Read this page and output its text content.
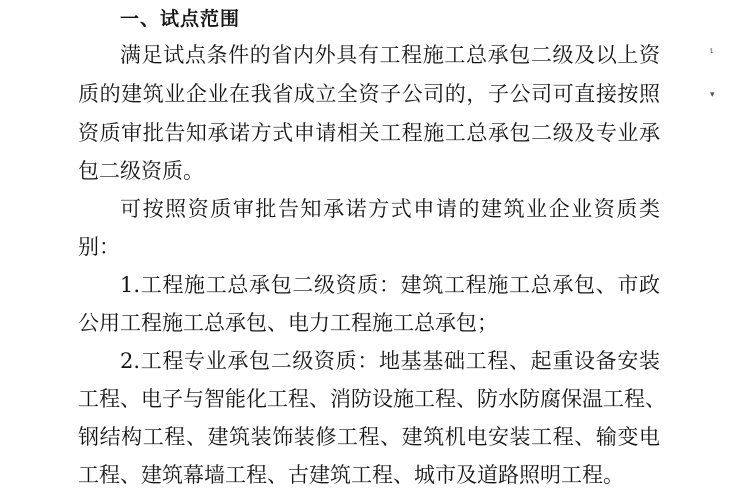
一、试点范围
满足试点条件的省内外具有工程施工总承包二级及以上资
质的建筑业企业在我省成立全资子公司的，子公司可直接按照
资质审批告知承诺方式申请相关工程施工总承包二级及专业承
包二级资质。
可按照资质审批告知承诺方式申请的建筑业企业资质类
别：
1.工程施工总承包二级资质：建筑工程施工总承包、市政
公用工程施工总承包、电力工程施工总承包；
2.工程专业承包二级资质：地基基础工程、起重设备安装
工程、电子与智能化工程、消防设施工程、防水防腐保温工程、
钢结构工程、建筑装饰装修工程、建筑机电安装工程、输变电
工程、建筑幕墙工程、古建筑工程、城市及道路照明工程。
ɩ
▾
